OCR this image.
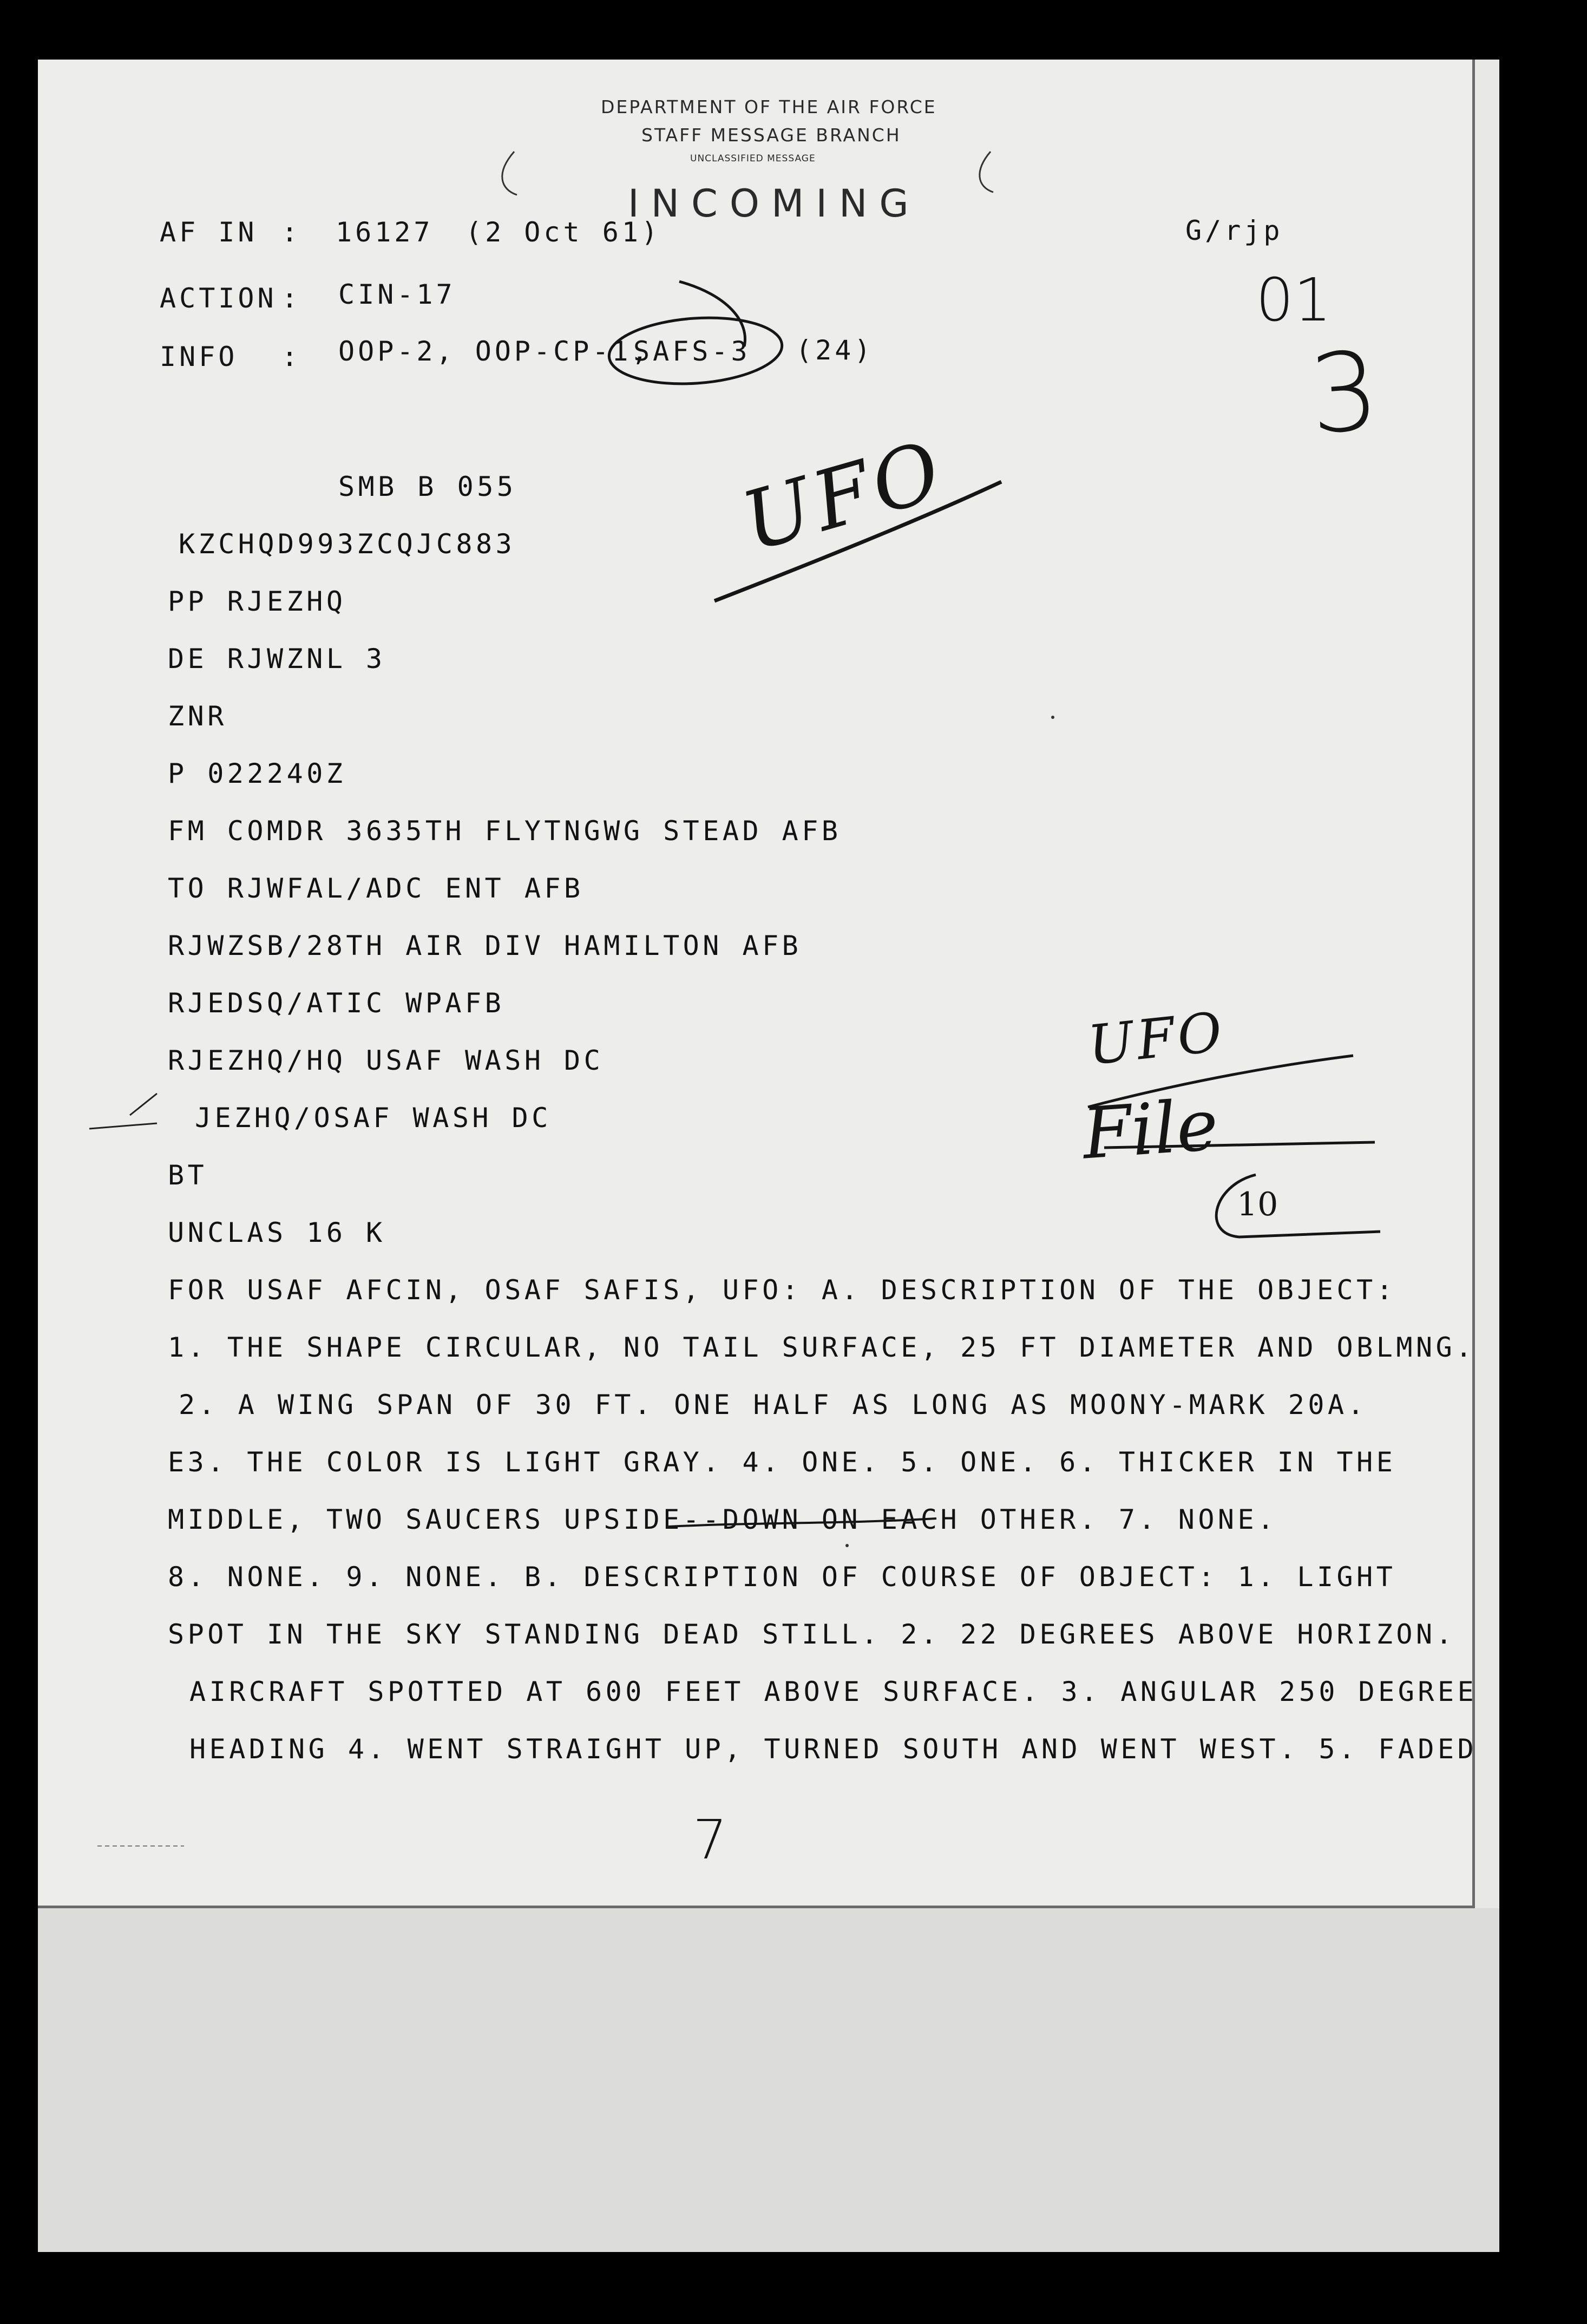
DEPARTMENT OF THE AIR FORCE
STAFF MESSAGE BRANCH
UNCLASSIFIED MESSAGE
INCOMING
AF IN : 16127 (2 Oct 61)	G/rjp
ACTION : CIN-17
INFO : OOP-2, OOP-CP-1,
SAFS-3 (24)
01
3
UFO
UFO
File
10
7
SMB B 055
KZCHQD993ZCQJC883
PP RJEZHQ
DE RJWZNL 3
ZNR
P 022240Z
FM COMDR 3635TH FLYTNGWG STEAD AFB
TO RJWFAL/ADC ENT AFB
RJWZSB/28TH AIR DIV HAMILTON AFB
RJEDSQ/ATIC WPAFB
RJEZHQ/HQ USAF WASH DC
JEZHQ/OSAF WASH DC
BT
UNCLAS 16 K
FOR USAF AFCIN, OSAF SAFIS, UFO: A. DESCRIPTION OF THE OBJECT:
1. THE SHAPE CIRCULAR, NO TAIL SURFACE, 25 FT DIAMETER AND OBLMNG.
2. A WING SPAN OF 30 FT. ONE HALF AS LONG AS MOONY-MARK 20A.
E3. THE COLOR IS LIGHT GRAY. 4. ONE. 5. ONE. 6. THICKER IN THE
MIDDLE, TWO SAUCERS UPSIDE--DOWN ON EACH OTHER. 7. NONE.
8. NONE. 9. NONE. B. DESCRIPTION OF COURSE OF OBJECT: 1. LIGHT
SPOT IN THE SKY STANDING DEAD STILL. 2. 22 DEGREES ABOVE HORIZON.
AIRCRAFT SPOTTED AT 600 FEET ABOVE SURFACE. 3. ANGULAR 250 DEGREE
HEADING 4. WENT STRAIGHT UP, TURNED SOUTH AND WENT WEST. 5. FADED
